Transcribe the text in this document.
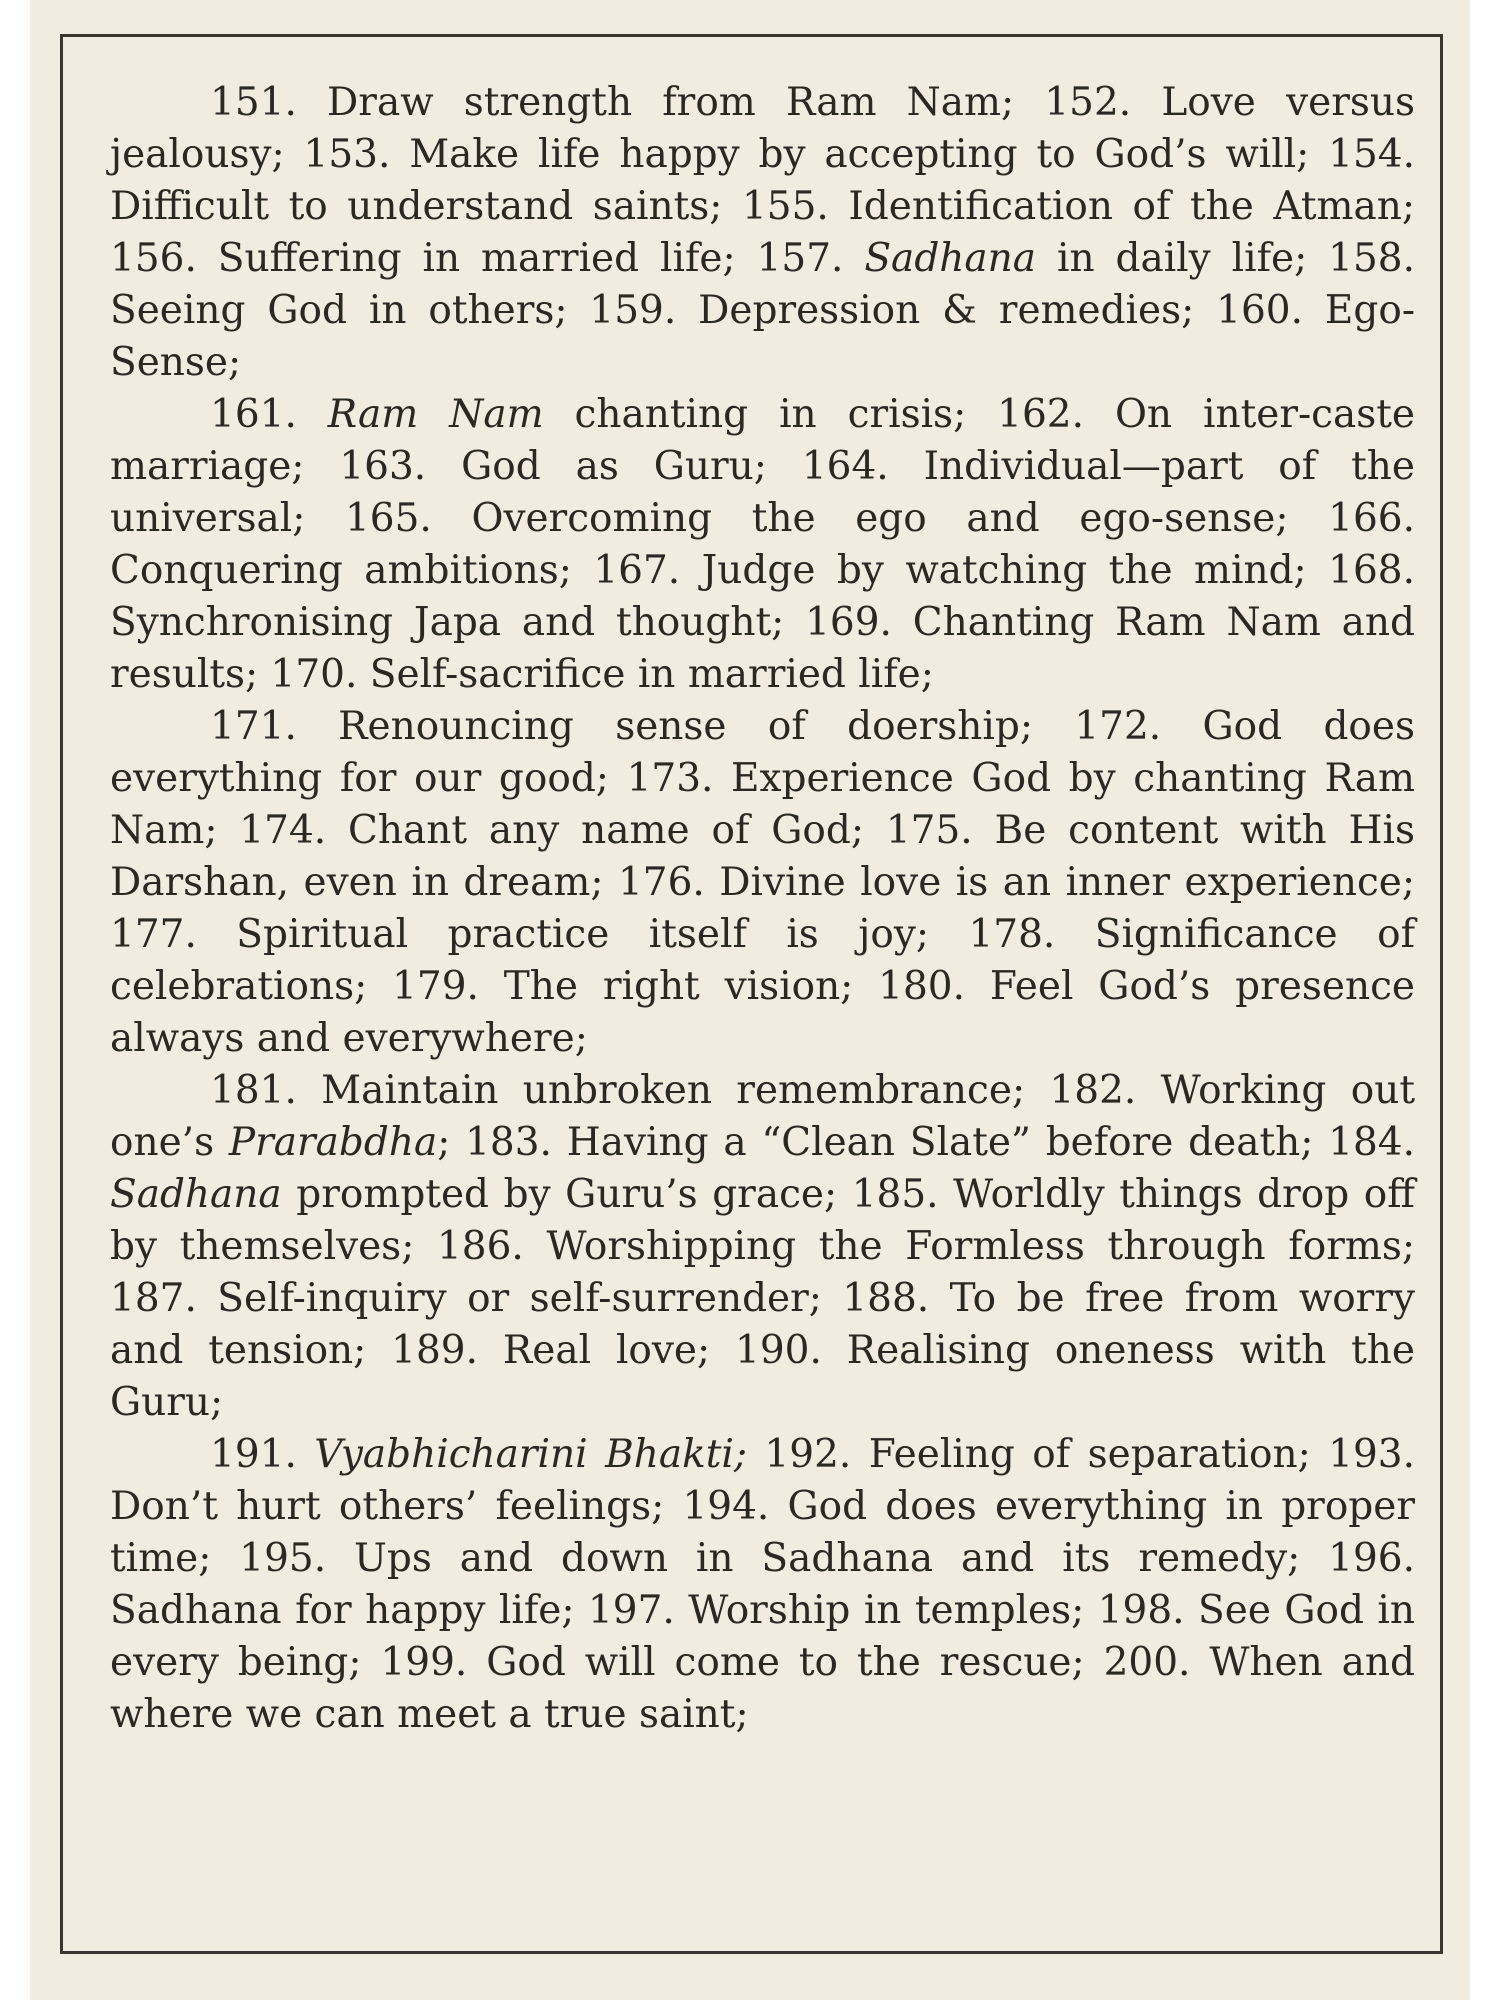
151. Draw strength from Ram Nam; 152. Love versus jealousy; 153. Make life happy by accepting to God’s will; 154. Difficult to understand saints; 155. Identification of the Atman; 156. Suffering in married life; 157. Sadhana in daily life; 158. Seeing God in others; 159. Depression & remedies; 160. Ego-Sense;

161. Ram Nam chanting in crisis; 162. On inter-caste marriage; 163. God as Guru; 164. Individual—part of the universal; 165. Overcoming the ego and ego-sense; 166. Conquering ambitions; 167. Judge by watching the mind; 168. Synchronising Japa and thought; 169. Chanting Ram Nam and results; 170. Self-sacrifice in married life;

171. Renouncing sense of doership; 172. God does everything for our good; 173. Experience God by chanting Ram Nam; 174. Chant any name of God; 175. Be content with His Darshan, even in dream; 176. Divine love is an inner experience; 177. Spiritual practice itself is joy; 178. Significance of celebrations; 179. The right vision; 180. Feel God’s presence always and everywhere;

181. Maintain unbroken remembrance; 182. Working out one’s Prarabdha; 183. Having a “Clean Slate” before death; 184. Sadhana prompted by Guru’s grace; 185. Worldly things drop off by themselves; 186. Worshipping the Formless through forms; 187. Self-inquiry or self-surrender; 188. To be free from worry and tension; 189. Real love; 190. Realising oneness with the Guru;

191. Vyabhicharini Bhakti; 192. Feeling of separation; 193. Don’t hurt others’ feelings; 194. God does everything in proper time; 195. Ups and down in Sadhana and its remedy; 196. Sadhana for happy life; 197. Worship in temples; 198. See God in every being; 199. God will come to the rescue; 200. When and where we can meet a true saint;
